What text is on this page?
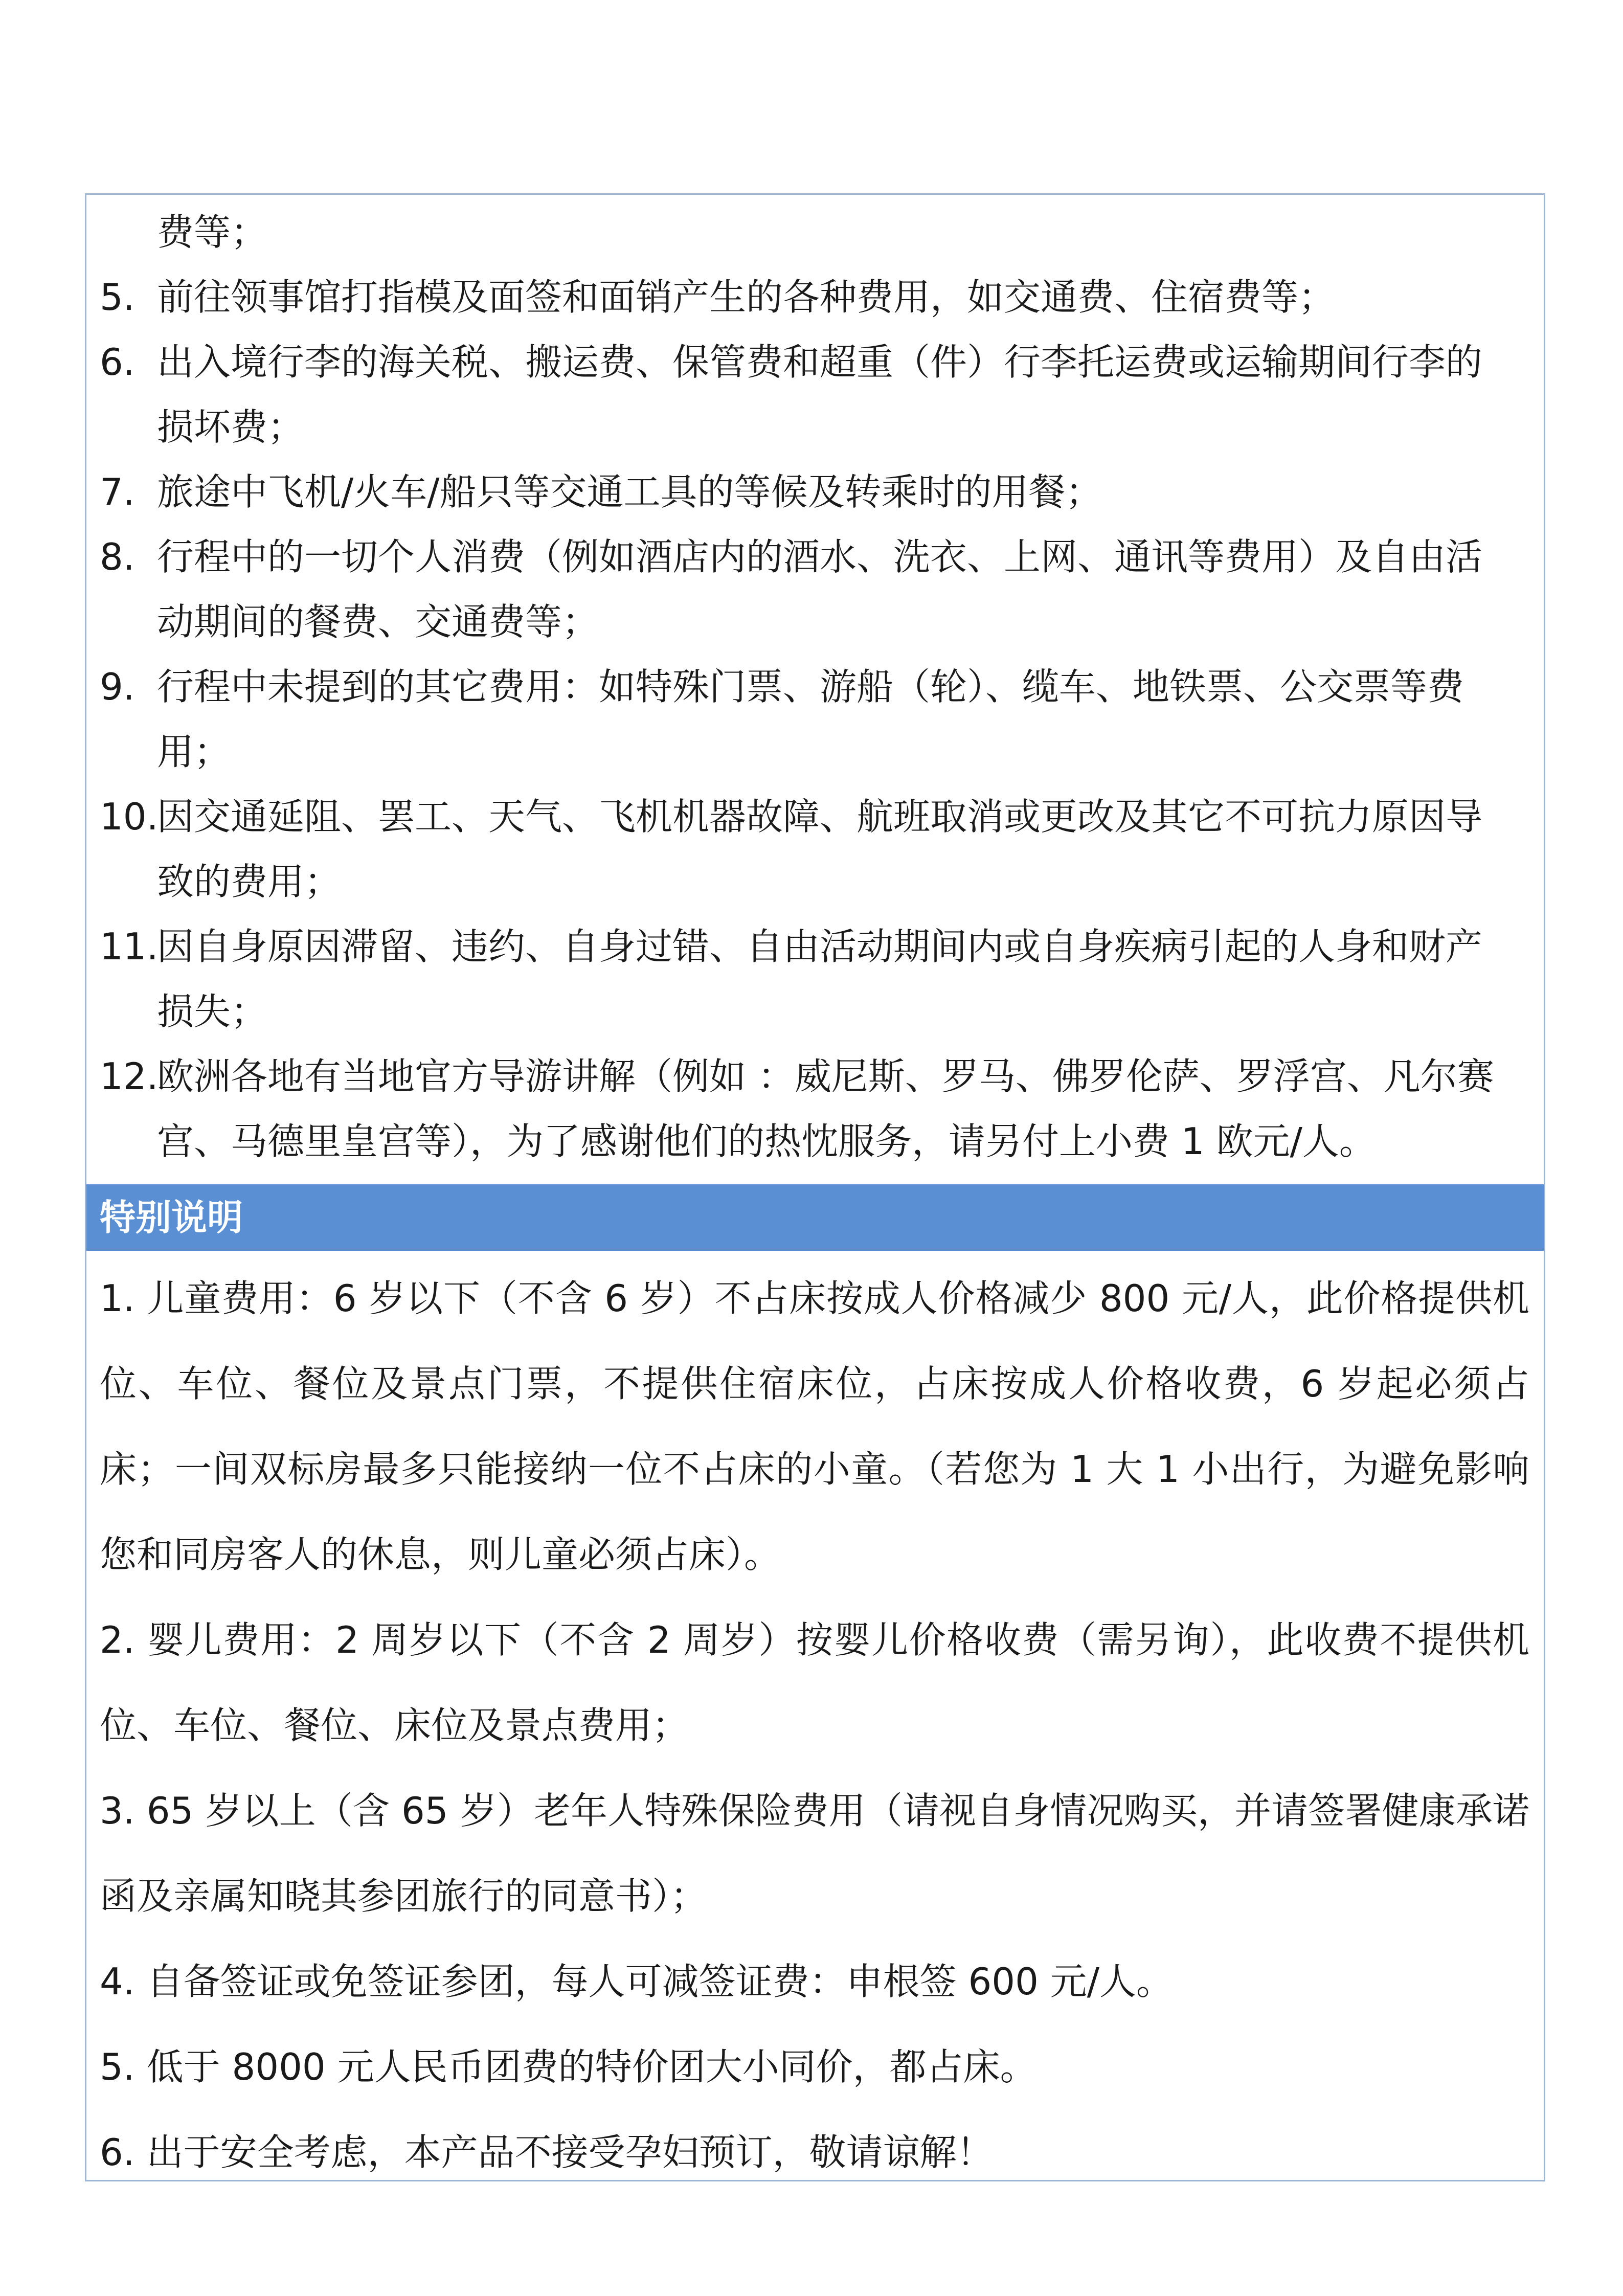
费等；
5. 前往领事馆打指模及面签和面销产生的各种费用，如交通费、住宿费等；
6. 出入境行李的海关税、搬运费、保管费和超重（件）行李托运费或运输期间行李的
损坏费；
7. 旅途中飞机/火车/船只等交通工具的等候及转乘时的用餐；
8. 行程中的一切个人消费（例如酒店内的酒水、洗衣、上网、通讯等费用）及自由活
动期间的餐费、交通费等；
9. 行程中未提到的其它费用：如特殊门票、游船（轮）、缆车、地铁票、公交票等费
用；
10.
因交通延阻、罢工、天气、飞机机器故障、航班取消或更改及其它不可抗力原因导
致的费用；
11.
因自身原因滞留、违约、自身过错、自由活动期间内或自身疾病引起的人身和财产
损失；
12.
欧洲各地有当地官方导游讲解（例如 ：威尼斯、罗马、佛罗伦萨、罗浮宫、凡尔赛
宫、马德里皇宫等），为了感谢他们的热忱服务，请另付上小费 1 欧元/人。
特别说明

1. 儿童费用：6 岁以下（不含 6 岁）不占床按成人价格减少 800 元/人，此价格提供机位、车位、餐位及景点门票，不提供住宿床位，占床按成人价格收费，6 岁起必须占床；一间双标房最多只能接纳一位不占床的小童。（若您为 1 大 1 小出行，为避免影响您和同房客人的休息，则儿童必须占床）。

2. 婴儿费用：2 周岁以下（不含 2 周岁）按婴儿价格收费（需另询），此收费不提供机位、车位、餐位、床位及景点费用；

3. 65 岁以上（含 65 岁）老年人特殊保险费用（请视自身情况购买，并请签署健康承诺函及亲属知晓其参团旅行的同意书）；

4. 自备签证或免签证参团，每人可减签证费：申根签 600 元/人。

5. 低于 8000 元人民币团费的特价团大小同价，都占床。

6. 出于安全考虑，本产品不接受孕妇预订，敬请谅解！
